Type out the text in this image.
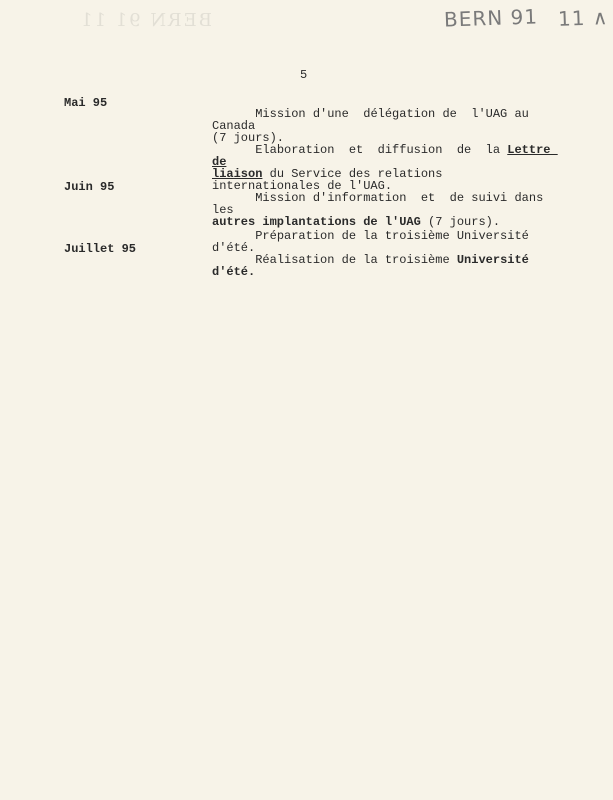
BERN 91 11	BERN 91 11 ∧
5
Mai 95

Mission d'une  délégation de  l'UAG au Canada
(7 jours).

Elaboration  et  diffusion  de  la Lettre de
liaison du Service des relations
internationales de l'UAG.

Juin 95

Mission d'information  et  de suivi dans les
autres implantations de l'UAG (7 jours).

Préparation de la troisième Université d'été.

Juillet 95

Réalisation de la troisième Université d'été.
